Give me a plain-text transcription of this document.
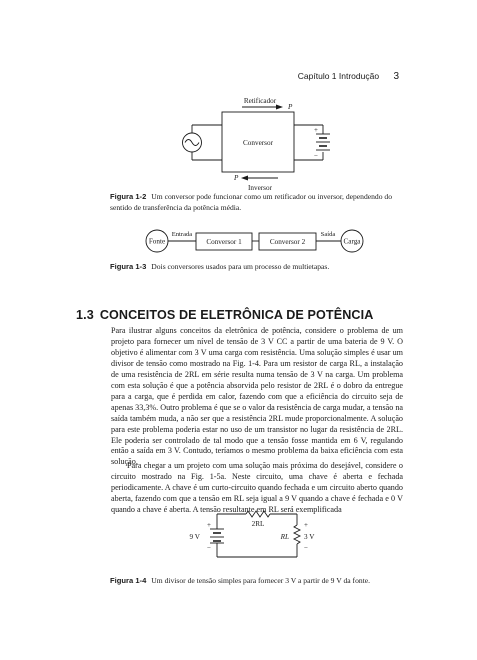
Capítulo 1 Introdução 3
Retificador
P
Conversor
P
Inversor
+
−
Figura 1-2 Um conversor pode funcionar como um retificador ou inversor, dependendo do sentido de transferência da potência média.
Fonte
Entrada
Conversor 1	Conversor 2
Saída
Carga
Figura 1-3 Dois conversores usados para um processo de multietapas.
1.3 CONCEITOS DE ELETRÔNICA DE POTÊNCIA
Para ilustrar alguns conceitos da eletrônica de potência, considere o problema de um projeto para fornecer um nível de tensão de 3 V CC a partir de uma bateria de 9 V. O objetivo é alimentar com 3 V uma carga com resistência. Uma solução simples é usar um divisor de tensão como mostrado na Fig. 1-4. Para um resistor de carga RL, a instalação de uma resistência de 2RL em série resulta numa tensão de 3 V na carga. Um problema com esta solução é que a potência absorvida pelo resistor de 2RL é o dobro da entregue para a carga, que é perdida em calor, fazendo com que a eficiência do circuito seja de apenas 33,3%. Outro problema é que se o valor da resistência de carga mudar, a tensão na saída também muda, a não ser que a resistência 2RL mude proporcionalmente. A solução para este problema poderia estar no uso de um transistor no lugar da resistência de 2RL. Ele poderia ser controlado de tal modo que a tensão fosse mantida em 6 V, regulando então a saída em 3 V. Contudo, teríamos o mesmo problema da baixa eficiência com esta solução.
Para chegar a um projeto com uma solução mais próxima do desejável, considere o circuito mostrado na Fig. 1-5a. Neste circuito, uma chave é aberta e fechada periodicamente. A chave é um curto-circuito quando fechada e um circuito aberto quando aberta, fazendo com que a tensão em RL seja igual a 9 V quando a chave é fechada e 0 V quando a chave é aberta. A tensão resultante em RL será exemplificada
2RL
9 V
+
−
RL 3 V
+
−
Figura 1-4 Um divisor de tensão simples para fornecer 3 V a partir de 9 V da fonte.
